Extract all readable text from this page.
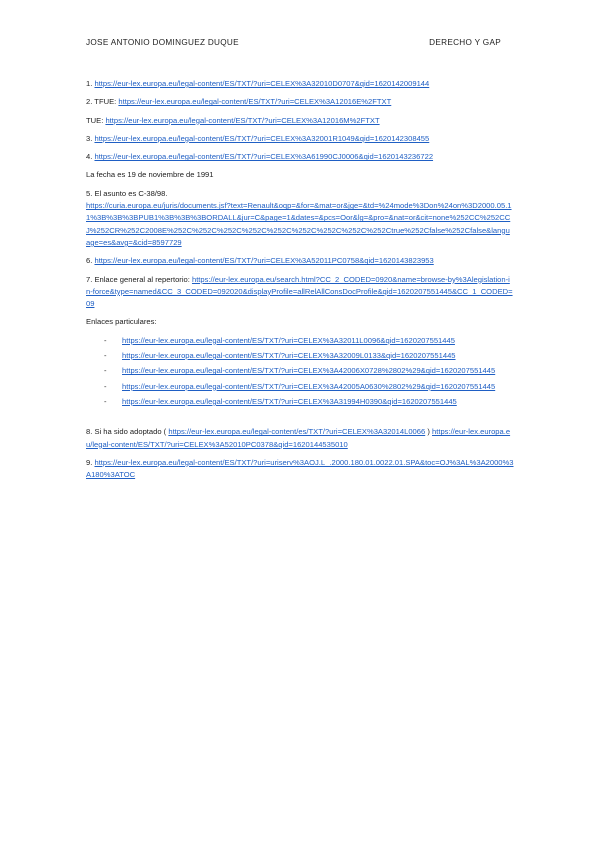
JOSE ANTONIO DOMINGUEZ DUQUE	DERECHO Y GAP

1. https://eur-lex.europa.eu/legal-content/ES/TXT/?uri=CELEX%3A32010D0707&qid=1620142009144

2. TFUE: https://eur-lex.europa.eu/legal-content/ES/TXT/?uri=CELEX%3A12016E%2FTXT

TUE: https://eur-lex.europa.eu/legal-content/ES/TXT/?uri=CELEX%3A12016M%2FTXT

3. https://eur-lex.europa.eu/legal-content/ES/TXT/?uri=CELEX%3A32001R1049&qid=1620142308455

4. https://eur-lex.europa.eu/legal-content/ES/TXT/?uri=CELEX%3A61990CJ0006&qid=1620143236722

La fecha es 19 de noviembre de 1991

5. El asunto es C-38/98.
https://curia.europa.eu/juris/documents.jsf?text=Renault&oqp=&for=&mat=or&jge=&td=%24mode%3Don%24on%3D2000.05.11%3B%3B%3BPUB1%3B%3B%3BORDALL&jur=C&page=1&dates=&pcs=Oor&lg=&pro=&nat=or&cit=none%252CC%252CCJ%252CR%252C2008E%252C%252C%252C%252C%252C%252C%252C%252C%252Ctrue%252Cfalse%252Cfalse&language=es&avg=&cid=8597729

6. https://eur-lex.europa.eu/legal-content/ES/TXT/?uri=CELEX%3A52011PC0758&qid=1620143823953

7. Enlace general al repertorio: https://eur-lex.europa.eu/search.html?CC_2_CODED=0920&name=browse-by%3Alegislation-in-force&type=named&CC_3_CODED=092020&displayProfile=allRelAllConsDocProfile&qid=1620207551445&CC_1_CODED=09

Enlaces particulares:

-	https://eur-lex.europa.eu/legal-content/ES/TXT/?uri=CELEX%3A32011L0096&qid=1620207551445
-	https://eur-lex.europa.eu/legal-content/ES/TXT/?uri=CELEX%3A32009L0133&qid=1620207551445
-	https://eur-lex.europa.eu/legal-content/ES/TXT/?uri=CELEX%3A42006X0728%2802%29&qid=1620207551445
-	https://eur-lex.europa.eu/legal-content/ES/TXT/?uri=CELEX%3A42005A0630%2802%29&qid=1620207551445
-	https://eur-lex.europa.eu/legal-content/ES/TXT/?uri=CELEX%3A31994H0390&qid=1620207551445

8. Si ha sido adoptado ( https://eur-lex.europa.eu/legal-content/es/TXT/?uri=CELEX%3A32014L0066 ) https://eur-lex.europa.eu/legal-content/ES/TXT/?uri=CELEX%3A52010PC0378&qid=1620144535010

9. https://eur-lex.europa.eu/legal-content/ES/TXT/?uri=uriserv%3AOJ.L_.2000.180.01.0022.01.SPA&toc=OJ%3AL%3A2000%3A180%3ATOC
